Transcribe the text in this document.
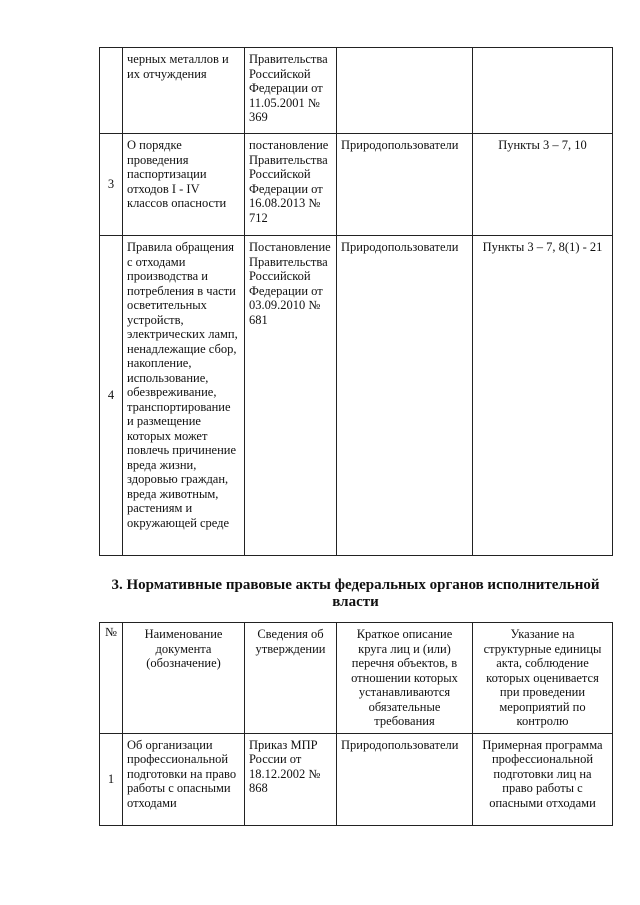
	черных металлов и их отчуждения	Правительства Российской Федерации от 11.05.2001 № 369		
3	О порядке проведения паспортизации отходов I - IV классов опасности	постановление Правительства Российской Федерации от 16.08.2013 № 712	Природопользователи	Пункты 3 – 7, 10
4	Правила обращения с отходами производства и потребления в части осветительных устройств, электрических ламп, ненадлежащие сбор, накопление, использование, обезвреживание, транспортирование и размещение которых может повлечь причинение вреда жизни, здоровью граждан, вреда животным, растениям и окружающей среде	Постановление Правительства Российской Федерации от 03.09.2010 № 681	Природопользователи	Пункты 3 – 7, 8(1) - 21
3. Нормативные правовые акты федеральных органов исполнительной власти
№	Наименование документа (обозначение)	Сведения об утверждении	Краткое описание круга лиц и (или) перечня объектов, в отношении которых устанавливаются обязательные требования	Указание на структурные единицы акта, соблюдение которых оценивается при проведении мероприятий по контролю
1	Об организации профессиональной подготовки на право работы с опасными отходами	Приказ МПР России от 18.12.2002 № 868	Природопользователи	Примерная программа профессиональной подготовки лиц на право работы с опасными отходами
